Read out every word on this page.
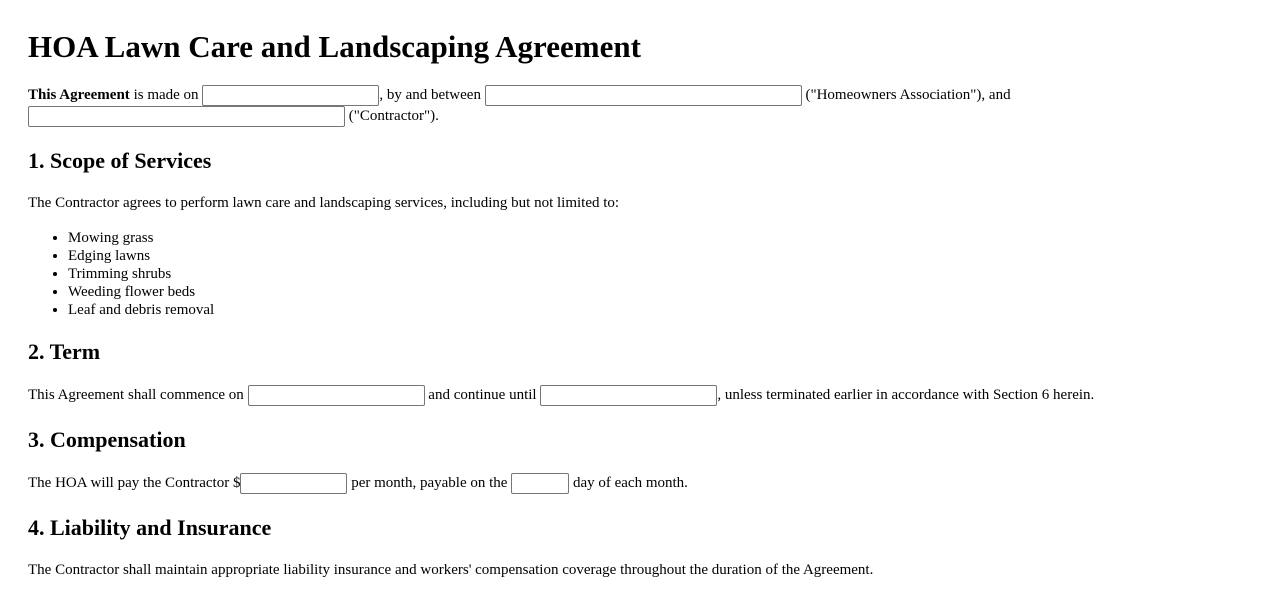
HOA Lawn Care and Landscaping Agreement

This Agreement is made on	, by and between	("Homeowners Association"), and
("Contractor").

1. Scope of Services

The Contractor agrees to perform lawn care and landscaping services, including but not limited to:

• Mowing grass
• Edging lawns
• Trimming shrubs
• Weeding flower beds
• Leaf and debris removal
2. Term

This Agreement shall commence on	and continue until	, unless terminated earlier in accordance with Section 6 herein.

3. Compensation

The HOA will pay the Contractor $	per month, payable on the	day of each month.

4. Liability and Insurance

The Contractor shall maintain appropriate liability insurance and workers' compensation coverage throughout the duration of the Agreement.
